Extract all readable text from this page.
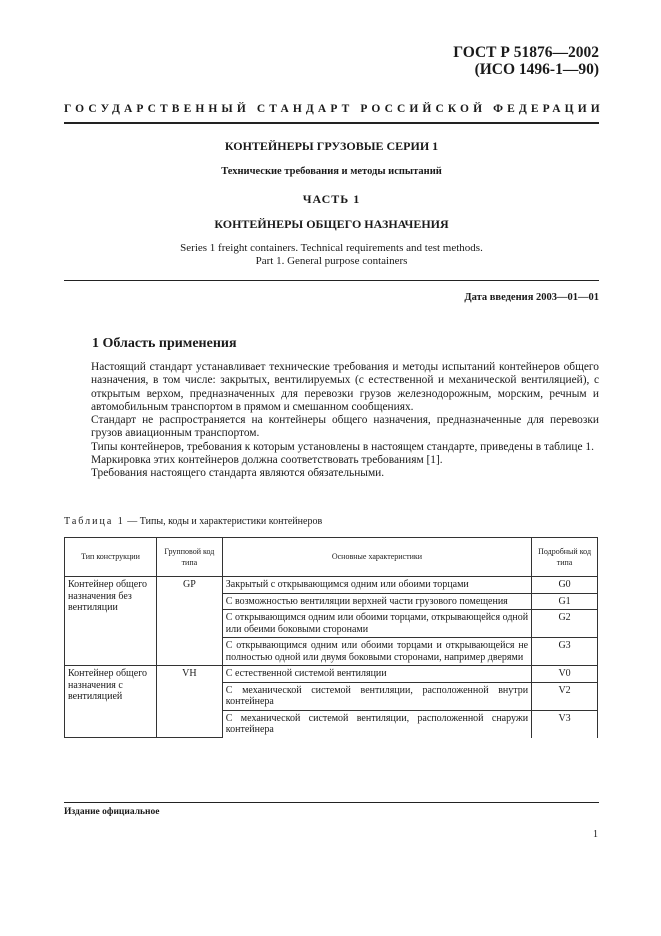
ГОСТ Р 51876—2002
(ИСО 1496-1—90)
ГОСУДАРСТВЕННЫЙ СТАНДАРТ РОССИЙСКОЙ ФЕДЕРАЦИИ
КОНТЕЙНЕРЫ ГРУЗОВЫЕ СЕРИИ 1
Технические требования и методы испытаний
ЧАСТЬ 1
КОНТЕЙНЕРЫ ОБЩЕГО НАЗНАЧЕНИЯ
Series 1 freight containers. Technical requirements and test methods.
Part 1. General purpose containers
Дата введения 2003—01—01
1 Область применения

Настоящий стандарт устанавливает технические требования и методы испытаний контейнеров общего назначения, в том числе: закрытых, вентилируемых (с естественной и механической вентиляцией), с открытым верхом, предназначенных для перевозки грузов железнодорожным, морским, речным и автомобильным транспортом в прямом и смешанном сообщениях.

Стандарт не распространяется на контейнеры общего назначения, предназначенные для перевозки грузов авиационным транспортом.

Типы контейнеров, требования к которым установлены в настоящем стандарте, приведены в таблице 1.

Маркировка этих контейнеров должна соответствовать требованиям [1].

Требования настоящего стандарта являются обязательными.

Таблица 1 — Типы, коды и характеристики контейнеров
Тип конструкции	Групповой код типа	Основные характеристики	Подробный код типа
Контейнер общего назначения без вентиляции	GP	Закрытый с открывающимся одним или обоими торцами	G0
		С возможностью вентиляции верхней части грузового помещения	G1
		С открывающимся одним или обоими торцами, открывающейся одной или обеими боковыми сторонами	G2
		С открывающимся одним или обоими торцами и открывающейся не полностью одной или двумя боковыми сторонами, например дверями	G3
Контейнер общего назначения с вентиляцией	VH	С естественной системой вентиляции	V0
		С механической системой вентиляции, расположенной внутри контейнера	V2
		С механической системой вентиляции, расположенной снаружи контейнера	V3
Издание официальное
1
